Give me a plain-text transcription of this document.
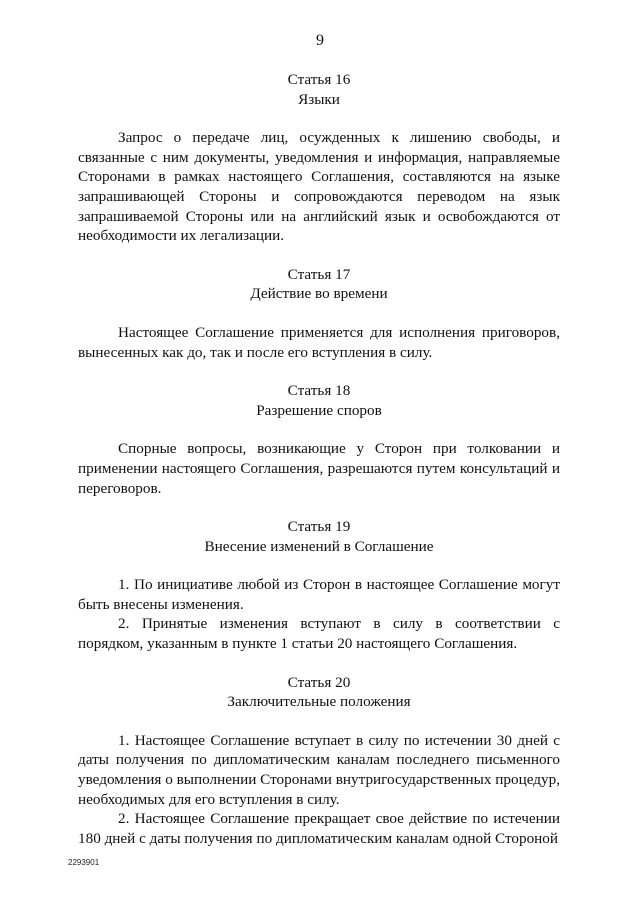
9
Статья 16
Языки

Запрос о передаче лиц, осужденных к лишению свободы, и связанные с ним документы, уведомления и информация, направляемые Сторонами в рамках настоящего Соглашения, составляются на языке запрашивающей Стороны и сопровождаются переводом на язык запрашиваемой Стороны или на английский язык и освобождаются от необходимости их легализации.

Статья 17
Действие во времени

Настоящее Соглашение применяется для исполнения приговоров, вынесенных как до, так и после его вступления в силу.

Статья 18
Разрешение споров

Спорные вопросы, возникающие у Сторон при толковании и применении настоящего Соглашения, разрешаются путем консультаций и переговоров.

Статья 19
Внесение изменений в Соглашение

1. По инициативе любой из Сторон в настоящее Соглашение могут быть внесены изменения.

2. Принятые изменения вступают в силу в соответствии с порядком, указанным в пункте 1 статьи 20 настоящего Соглашения.

Статья 20
Заключительные положения

1. Настоящее Соглашение вступает в силу по истечении 30 дней с даты получения по дипломатическим каналам последнего письменного уведомления о выполнении Сторонами внутригосударственных процедур, необходимых для его вступления в силу.

2. Настоящее Соглашение прекращает свое действие по истечении 180 дней с даты получения по дипломатическим каналам одной Стороной

2293901
